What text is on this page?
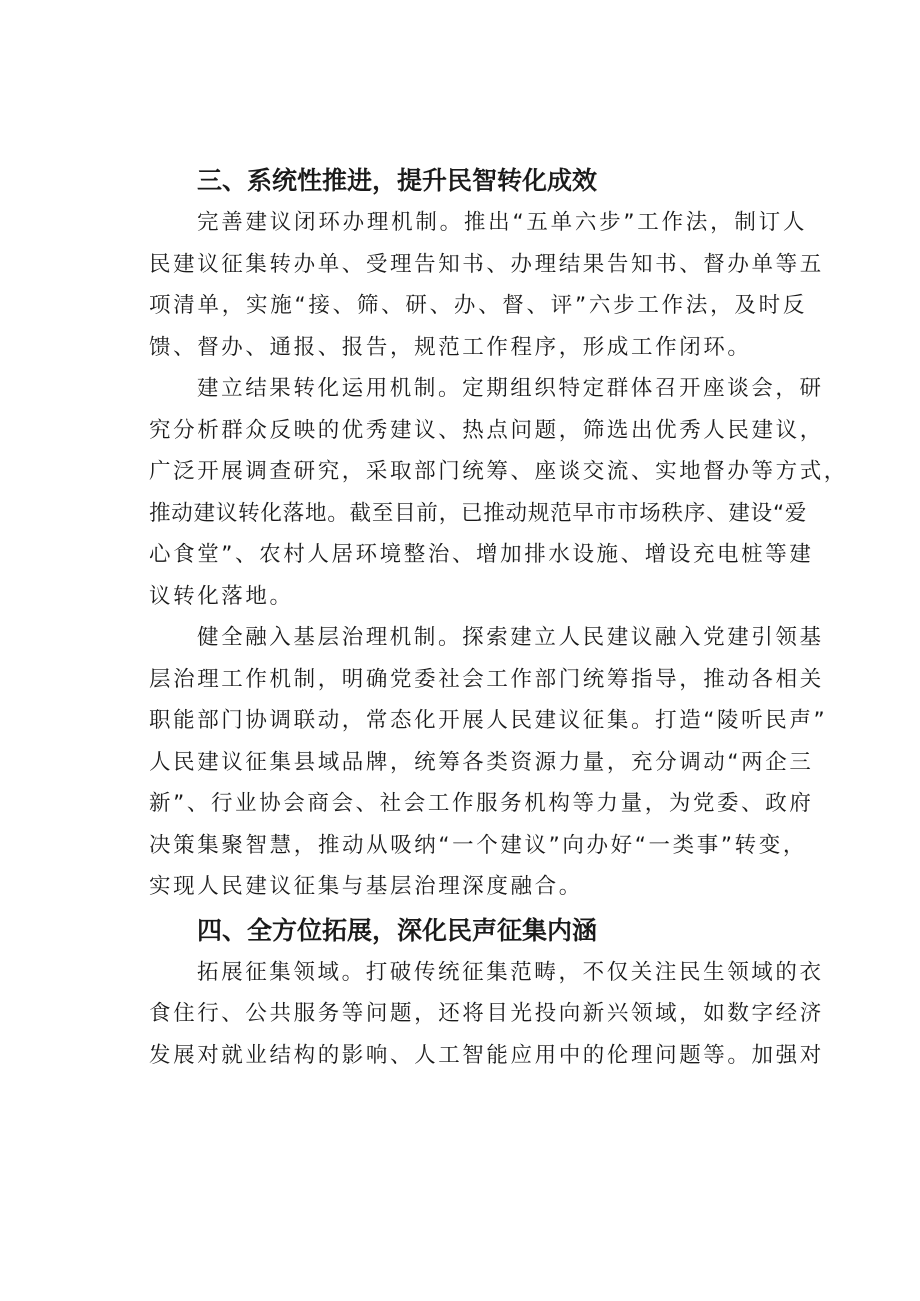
三、系统性推进，提升民智转化成效

完善建议闭环办理机制。推出“五单六步”工作法，制订人
民建议征集转办单、受理告知书、办理结果告知书、督办单等五
项清单，实施“接、筛、研、办、督、评”六步工作法，及时反
馈、督办、通报、报告，规范工作程序，形成工作闭环。

建立结果转化运用机制。定期组织特定群体召开座谈会，研
究分析群众反映的优秀建议、热点问题，筛选出优秀人民建议，
广泛开展调查研究，采取部门统筹、座谈交流、实地督办等方式，
推动建议转化落地。截至目前，已推动规范早市市场秩序、建设“爱
心食堂”、农村人居环境整治、增加排水设施、增设充电桩等建
议转化落地。

健全融入基层治理机制。探索建立人民建议融入党建引领基
层治理工作机制，明确党委社会工作部门统筹指导，推动各相关
职能部门协调联动，常态化开展人民建议征集。打造“陵听民声”
人民建议征集县域品牌，统筹各类资源力量，充分调动“两企三
新”、行业协会商会、社会工作服务机构等力量，为党委、政府
决策集聚智慧，推动从吸纳“一个建议”向办好“一类事”转变，
实现人民建议征集与基层治理深度融合。

四、全方位拓展，深化民声征集内涵

拓展征集领域。打破传统征集范畴，不仅关注民生领域的衣
食住行、公共服务等问题，还将目光投向新兴领域，如数字经济
发展对就业结构的影响、人工智能应用中的伦理问题等。加强对
